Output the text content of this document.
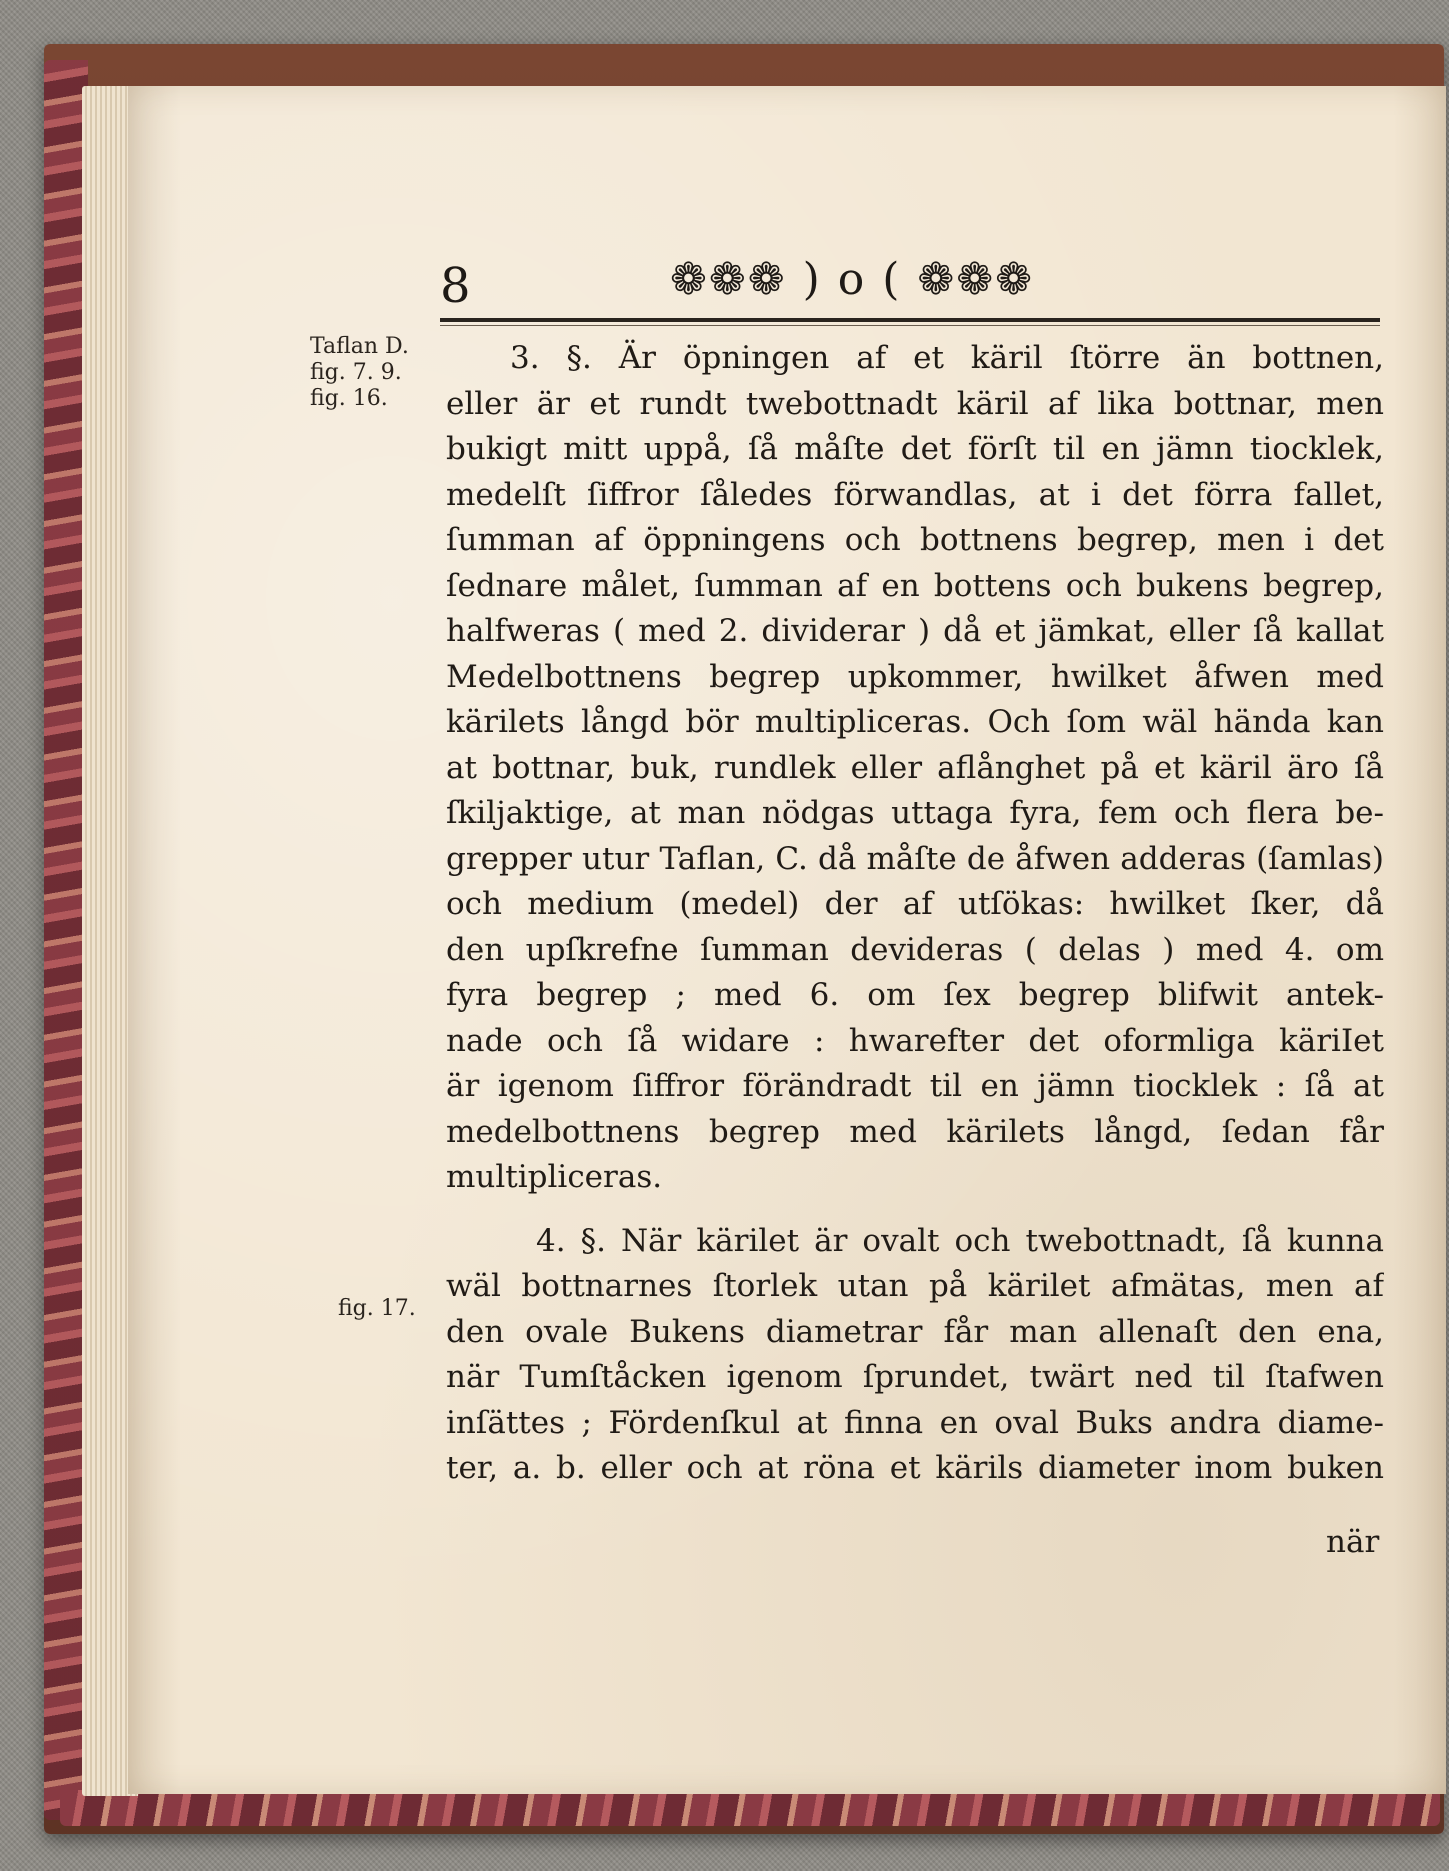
8	❁❁❁ ) o ( ❁❁❁
Taflan D.
fig. 7. 9.
fig. 16.
fig. 17.
3. §. Är öpningen af et käril ſtörre än bottnen,
eller är et rundt twebottnadt käril af lika bottnar, men
bukigt mitt uppå, ſå måſte det förſt til en jämn tiocklek,
medelſt ſiffror ſåledes förwandlas, at i det förra fallet,
ſumman af öppningens och bottnens begrep, men i det
ſednare målet, ſumman af en bottens och bukens begrep,
halfweras ( med 2. dividerar ) då et jämkat, eller ſå kallat
Medelbottnens begrep upkommer, hwilket åfwen med
kärilets långd bör multipliceras. Och ſom wäl hända kan
at bottnar, buk, rundlek eller aflånghet på et käril äro ſå
ſkiljaktige, at man nödgas uttaga fyra, fem och flera be-
grepper utur Taflan, C. då måſte de åfwen adderas (ſamlas)
och medium (medel) der af utſökas: hwilket ſker, då
den upſkrefne ſumman devideras ( delas ) med 4. om
fyra begrep ; med 6. om ſex begrep blifwit antek-
nade och ſå widare : hwarefter det oformliga käriIet
är igenom ſiffror förändradt til en jämn tiocklek : ſå at
medelbottnens begrep med kärilets långd, ſedan får
multipliceras.
4. §. När kärilet är ovalt och twebottnadt, ſå kunna
wäl bottnarnes ſtorlek utan på kärilet afmätas, men af
den ovale Bukens diametrar får man allenaſt den ena,
när Tumſtåcken igenom ſprundet, twärt ned til ſtafwen
inſättes ; Fördenſkul at finna en oval Buks andra diame-
ter, a. b. eller och at röna et kärils diameter inom buken
när
